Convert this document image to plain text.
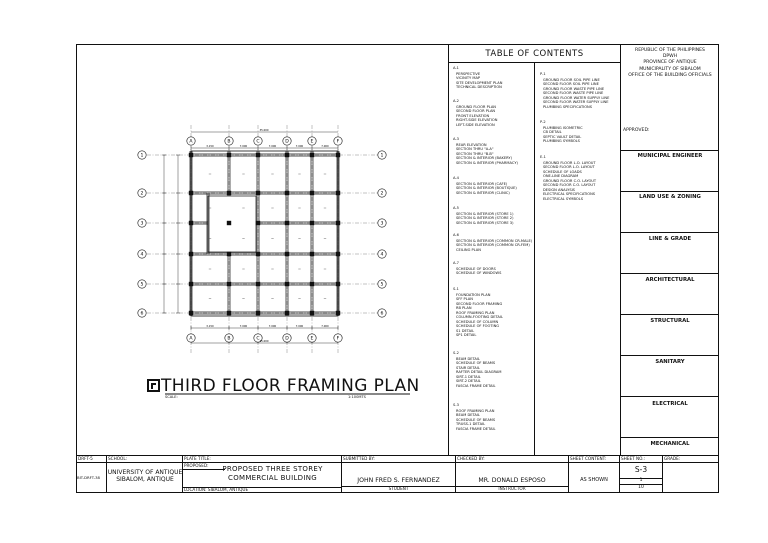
A	B	C	D	E	F
A	B	C	D	E	F
1	1
2	2
3	3
4	4
5	5
6	6
3.150	7.000	7.000	7.000	7.000
35.000
3.150	7.000	7.000	7.000	7.000
35.000
THIRD FLOOR FRAMING PLAN
SCALE:	1:100MTS
TABLE OF CONTENTS
A-1
PERSPECTIVE
VICINITY MAP
SITE DEVELOPMENT PLAN
TECHNICAL DESCRIPTION
A-2
GROUND FLOOR PLAN
SECOND FLOOR PLAN
FRONT ELEVATION
RIGHT-SIDE ELEVATION
LEFT-SIDE ELEVATION
A-3
REAR ELEVATION
SECTION THRU "A-A"
SECTION THRU "B-B"
SECTION & INTERIOR (BAKERY)
SECTION & INTERIOR (PHARMACY)
A-4
SECTION & INTERIOR (CAFE)
SECTION & INTERIOR (BOUTIQUE)
SECTION & INTERIOR (CLINIC)
A-5
SECTION & INTERIOR (STORE 1)
SECTION & INTERIOR (STORE 2)
SECTION & INTERIOR (STORE 3)
A-6
SECTION & INTERIOR (COMMON CR-MALE)
SECTION & INTERIOR (COMMON CR-FEM)
CEILING PLAN
A-7
SCHEDULE OF DOORS
SCHEDULE OF WINDOWS
S-1
FOUNDATION PLAN
SFF PLAN
SECOND FLOOR FRAMING
RB PLAN
ROOF FRAMING PLAN
COLUMN-FOOTING DETAIL
SCHEDULE OF COLUMN
SCHEDULE OF FOOTING
S1 DETAIL
SP1 DETAIL
S-2
BEAM DETAIL
SCHEDULE OF BEAMS
STAIR DETAIL
RAFTER DETAIL DIAGRAM
SIRT-1 DETAIL
SIRT-2 DETAIL
FASCIA FRAME DETAIL
S-3
ROOF FRAMING PLAN
BEAM DETAIL
SCHEDULE OF BEAMS
TRUSS-1 DETAIL
FASCIA FRAME DETAIL
P-1
GROUND FLOOR SOIL PIPE LINE
SECOND FLOOR SOIL PIPE LINE
GROUND FLOOR WASTE PIPE LINE
SECOND FLOOR WASTE PIPE LINE
GROUND FLOOR WATER SUPPLY LINE
SECOND FLOOR WATER SUPPLY LINE
PLUMBING SPECIFICATIONS
P-2
PLUMBING ISOMETRIC
CB DETAIL
SEPTIC VAULT DETAIL
PLUMBING SYMBOLS
E-1
GROUND FLOOR L.O. LAYOUT
SECOND FLOOR L.O. LAYOUT
SCHEDULE OF LOADS
ONE-LINE DIAGRAM
GROUND FLOOR C.O. LAYOUT
SECOND FLOOR C.O. LAYOUT
DESIGN ANALYSIS
ELECTRICAL SPECIFICATIONS
ELECTRICAL SYMBOLS
REPUBLIC OF THE PHILIPPINES
DPWH
PROVINCE OF ANTIQUE
MUNICIPALITY OF SIBALOM
OFFICE OF THE BUILDING OFFICIALS
APPROVED:
MUNICIPAL ENGINEER
LAND USE & ZONING
LINE & GRADE
ARCHITECTURAL
STRUCTURAL
SANITARY
ELECTRICAL
MECHANICAL
DRFT-5
BIT-DRFT-38
SCHOOL:
UNIVERSITY OF ANTIQUE
SIBALOM, ANTIQUE
PLATE TITLE:
PROPOSED:	PROPOSED THREE STOREY
COMMERCIAL BUILDING
LOCATION: SIBALOM, ANTIQUE
SUBMITTED BY:
JOHN FRED S. FERNANDEZ
STUDENT
CHECKED BY:
MR. DONALD ESPOSO
INSTRUCTOR
SHEET CONTENT:
AS SHOWN
SHEET NO.:
S-3
1
10
GRADE:
